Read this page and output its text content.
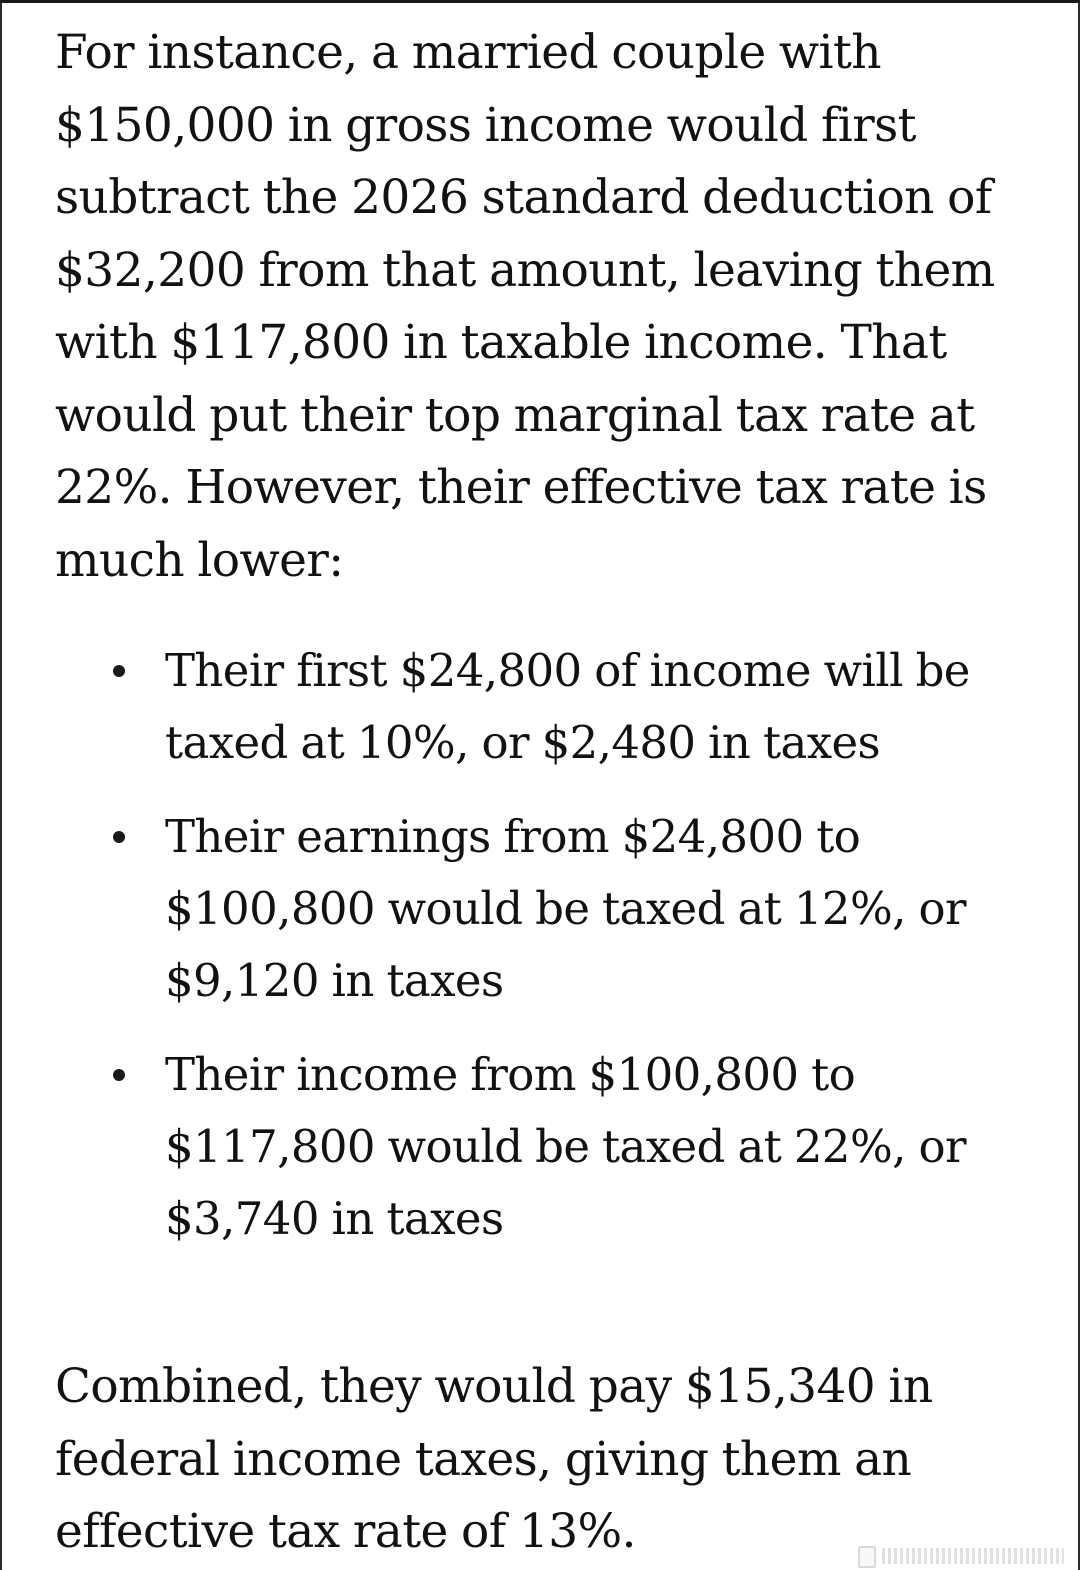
For instance, a married couple with $150,000 in gross income would first subtract the 2026 standard deduction of $32,200 from that amount, leaving them with $117,800 in taxable income. That would put their top marginal tax rate at 22%. However, their effective tax rate is much lower:

Their first $24,800 of income will be taxed at 10%, or $2,480 in taxes
Their earnings from $24,800 to $100,800 would be taxed at 12%, or $9,120 in taxes
Their income from $100,800 to $117,800 would be taxed at 22%, or $3,740 in taxes

Combined, they would pay $15,340 in federal income taxes, giving them an effective tax rate of 13%.
